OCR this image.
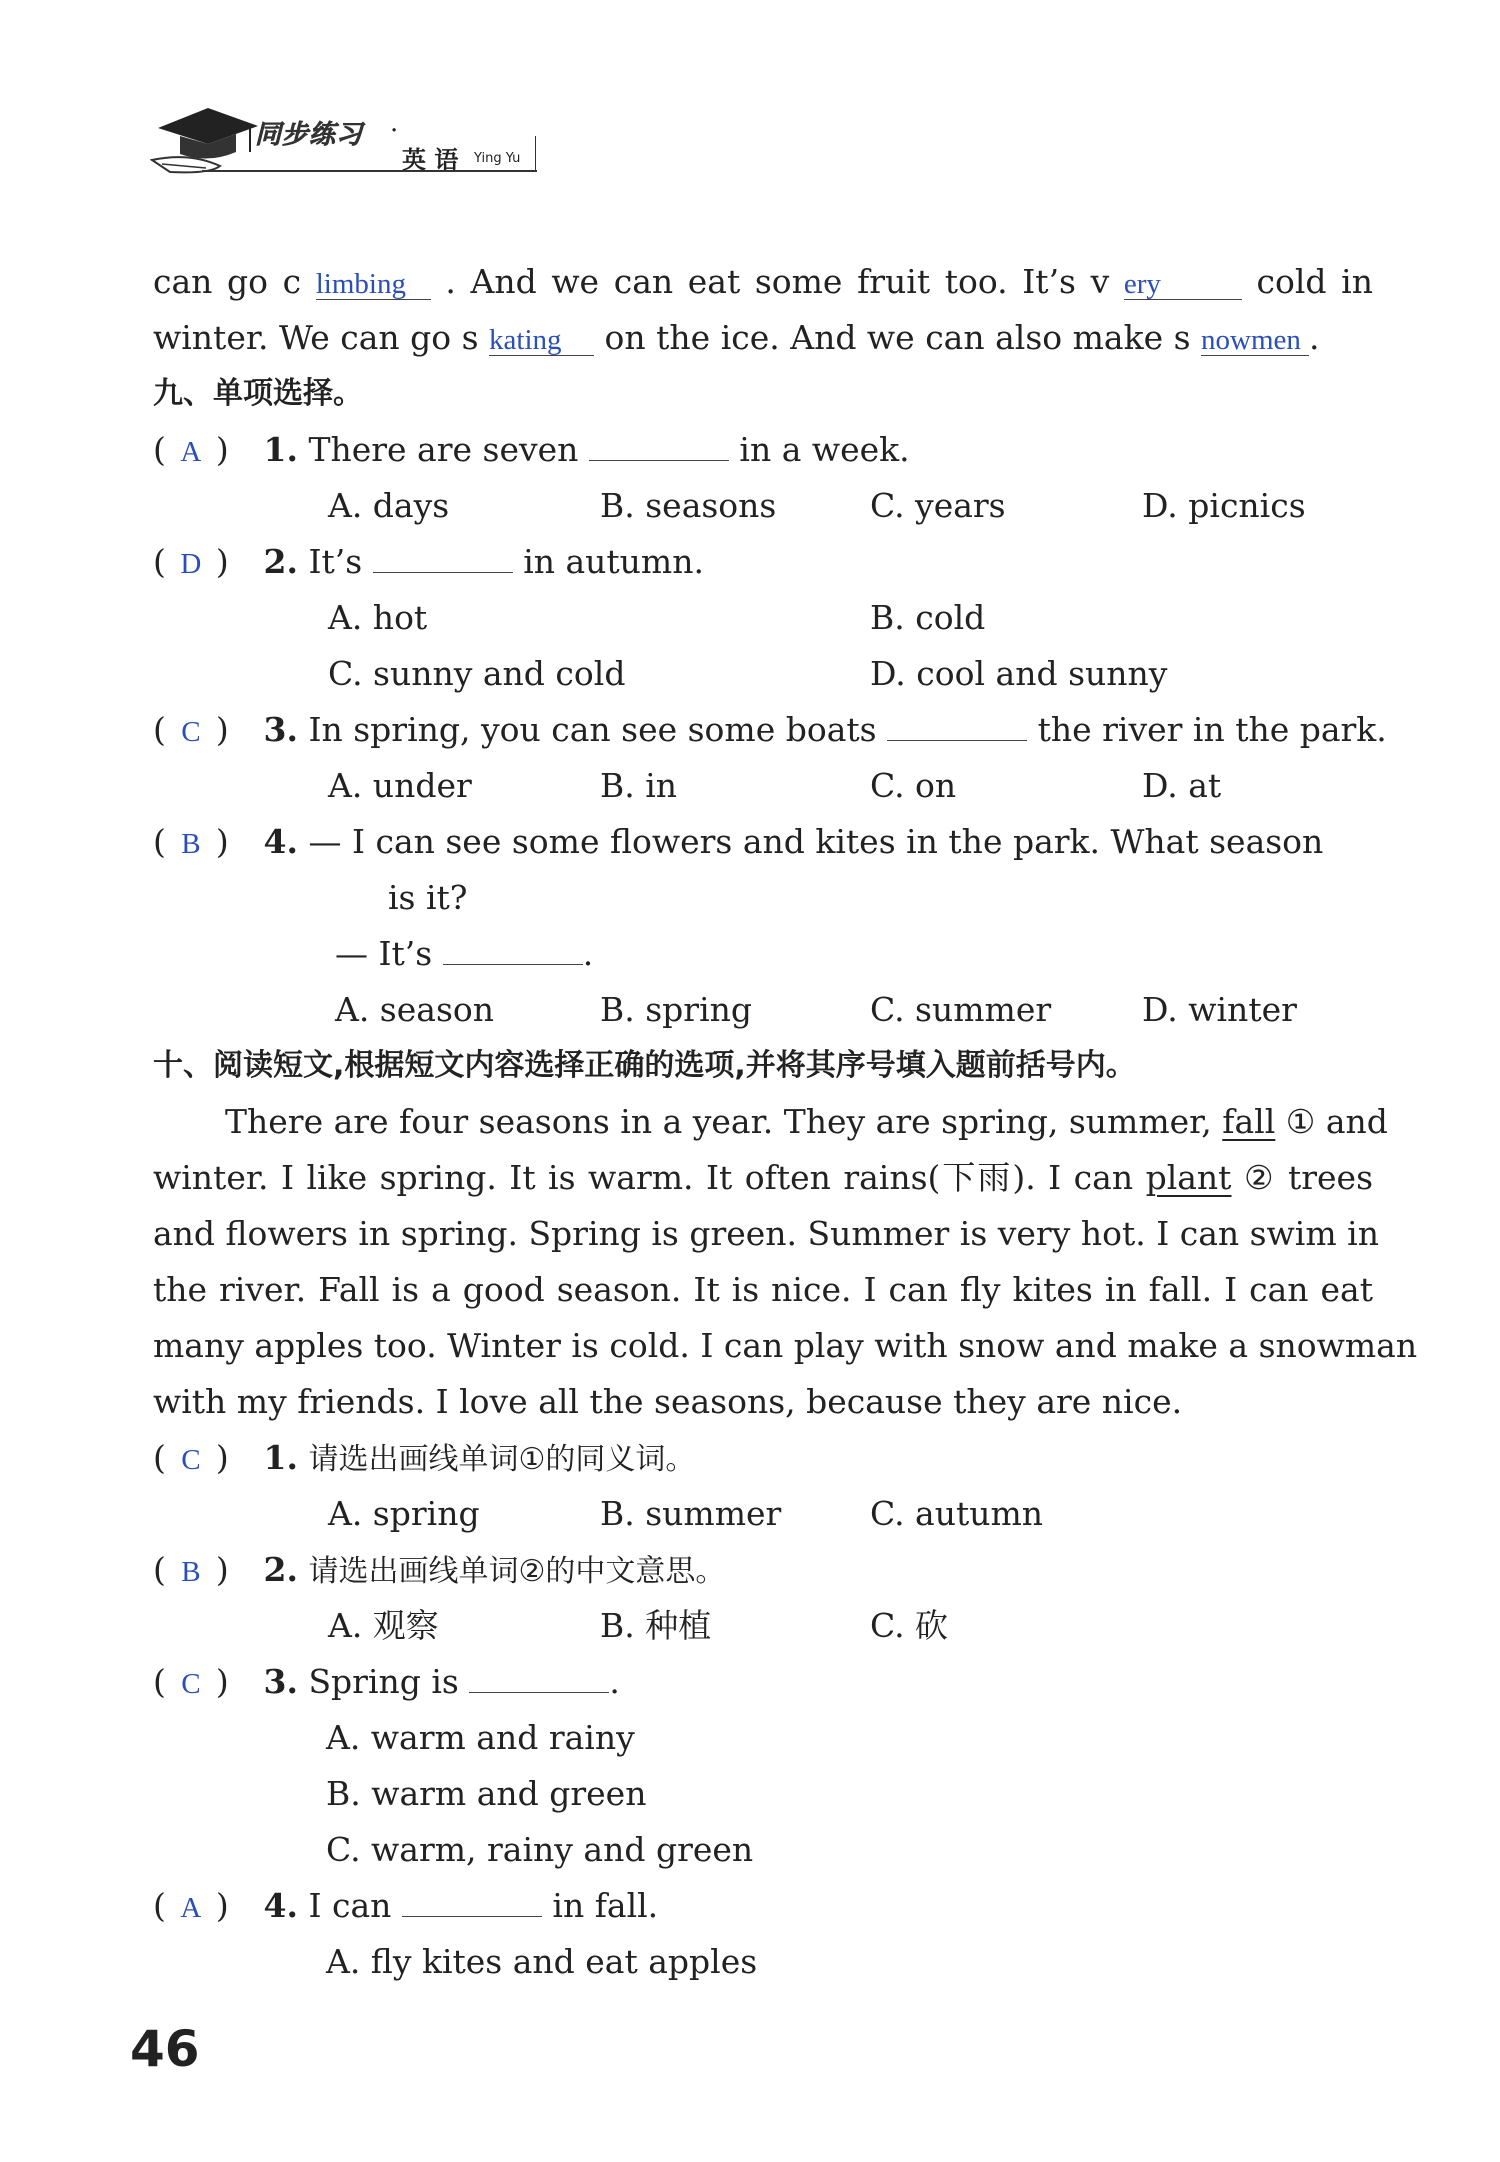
同步练习 ·
英 语 Ying Yu
can go c limbing . And we can eat some fruit too. It’s v ery	cold in
winter. We can go s kating on the ice. And we can also make s nowmen .
九、单项选择。
( A ) 1. There are seven	in a week.
A. days	B. seasons	C. years	D. picnics
( D ) 2. It’s	in autumn.
A. hot	B. cold
C. sunny and cold	D. cool and sunny
( C ) 3. In spring, you can see some boats	the river in the park.
A. under	B. in	C. on	D. at
( B ) 4. — I can see some flowers and kites in the park. What season
is it?
— It’s	.
A. season	B. spring	C. summer	D. winter
十、阅读短文,根据短文内容选择正确的选项,并将其序号填入题前括号内。
There are four seasons in a year. They are spring, summer, fall ① and
winter. I like spring. It is warm. It often rains(下雨). I can plant ② trees
and flowers in spring. Spring is green. Summer is very hot. I can swim in
the river. Fall is a good season. It is nice. I can fly kites in fall. I can eat
many apples too. Winter is cold. I can play with snow and make a snowman
with my friends. I love all the seasons, because they are nice.
( C ) 1. 请选出画线单词①的同义词。
A. spring	B. summer	C. autumn
( B ) 2. 请选出画线单词②的中文意思。
A. 观察	B. 种植	C. 砍
( C ) 3. Spring is	.
A. warm and rainy
B. warm and green
C. warm, rainy and green
( A ) 4. I can	in fall.
A. fly kites and eat apples
46
